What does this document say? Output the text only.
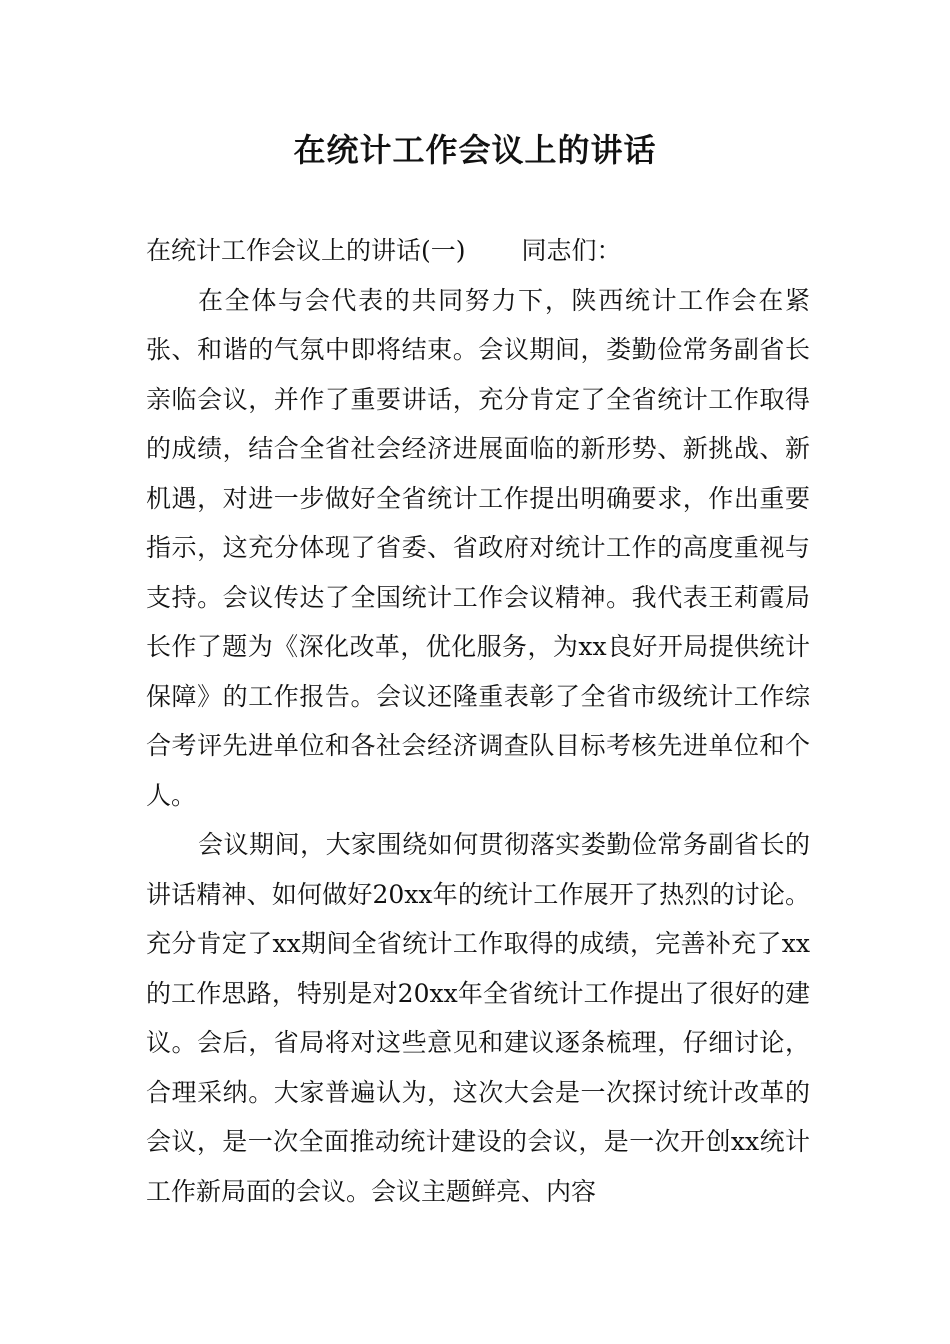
在统计工作会议上的讲话

在统计工作会议上的讲话(一) 同志们：

在全体与会代表的共同努力下，陕西统计工作会在紧张、和谐的气氛中即将结束。会议期间，娄勤俭常务副省长亲临会议，并作了重要讲话，充分肯定了全省统计工作取得的成绩，结合全省社会经济进展面临的新形势、新挑战、新机遇，对进一步做好全省统计工作提出明确要求，作出重要指示，这充分体现了省委、省政府对统计工作的高度重视与支持。会议传达了全国统计工作会议精神。我代表王莉霞局长作了题为《深化改革，优化服务，为xx良好开局提供统计保障》的工作报告。会议还隆重表彰了全省市级统计工作综合考评先进单位和各社会经济调查队目标考核先进单位和个人。

会议期间，大家围绕如何贯彻落实娄勤俭常务副省长的讲话精神、如何做好20xx年的统计工作展开了热烈的讨论。充分肯定了xx期间全省统计工作取得的成绩，完善补充了xx的工作思路，特别是对20xx年全省统计工作提出了很好的建议。会后，省局将对这些意见和建议逐条梳理，仔细讨论，合理采纳。大家普遍认为，这次大会是一次探讨统计改革的会议，是一次全面推动统计建设的会议，是一次开创xx统计工作新局面的会议。会议主题鲜亮、内容
